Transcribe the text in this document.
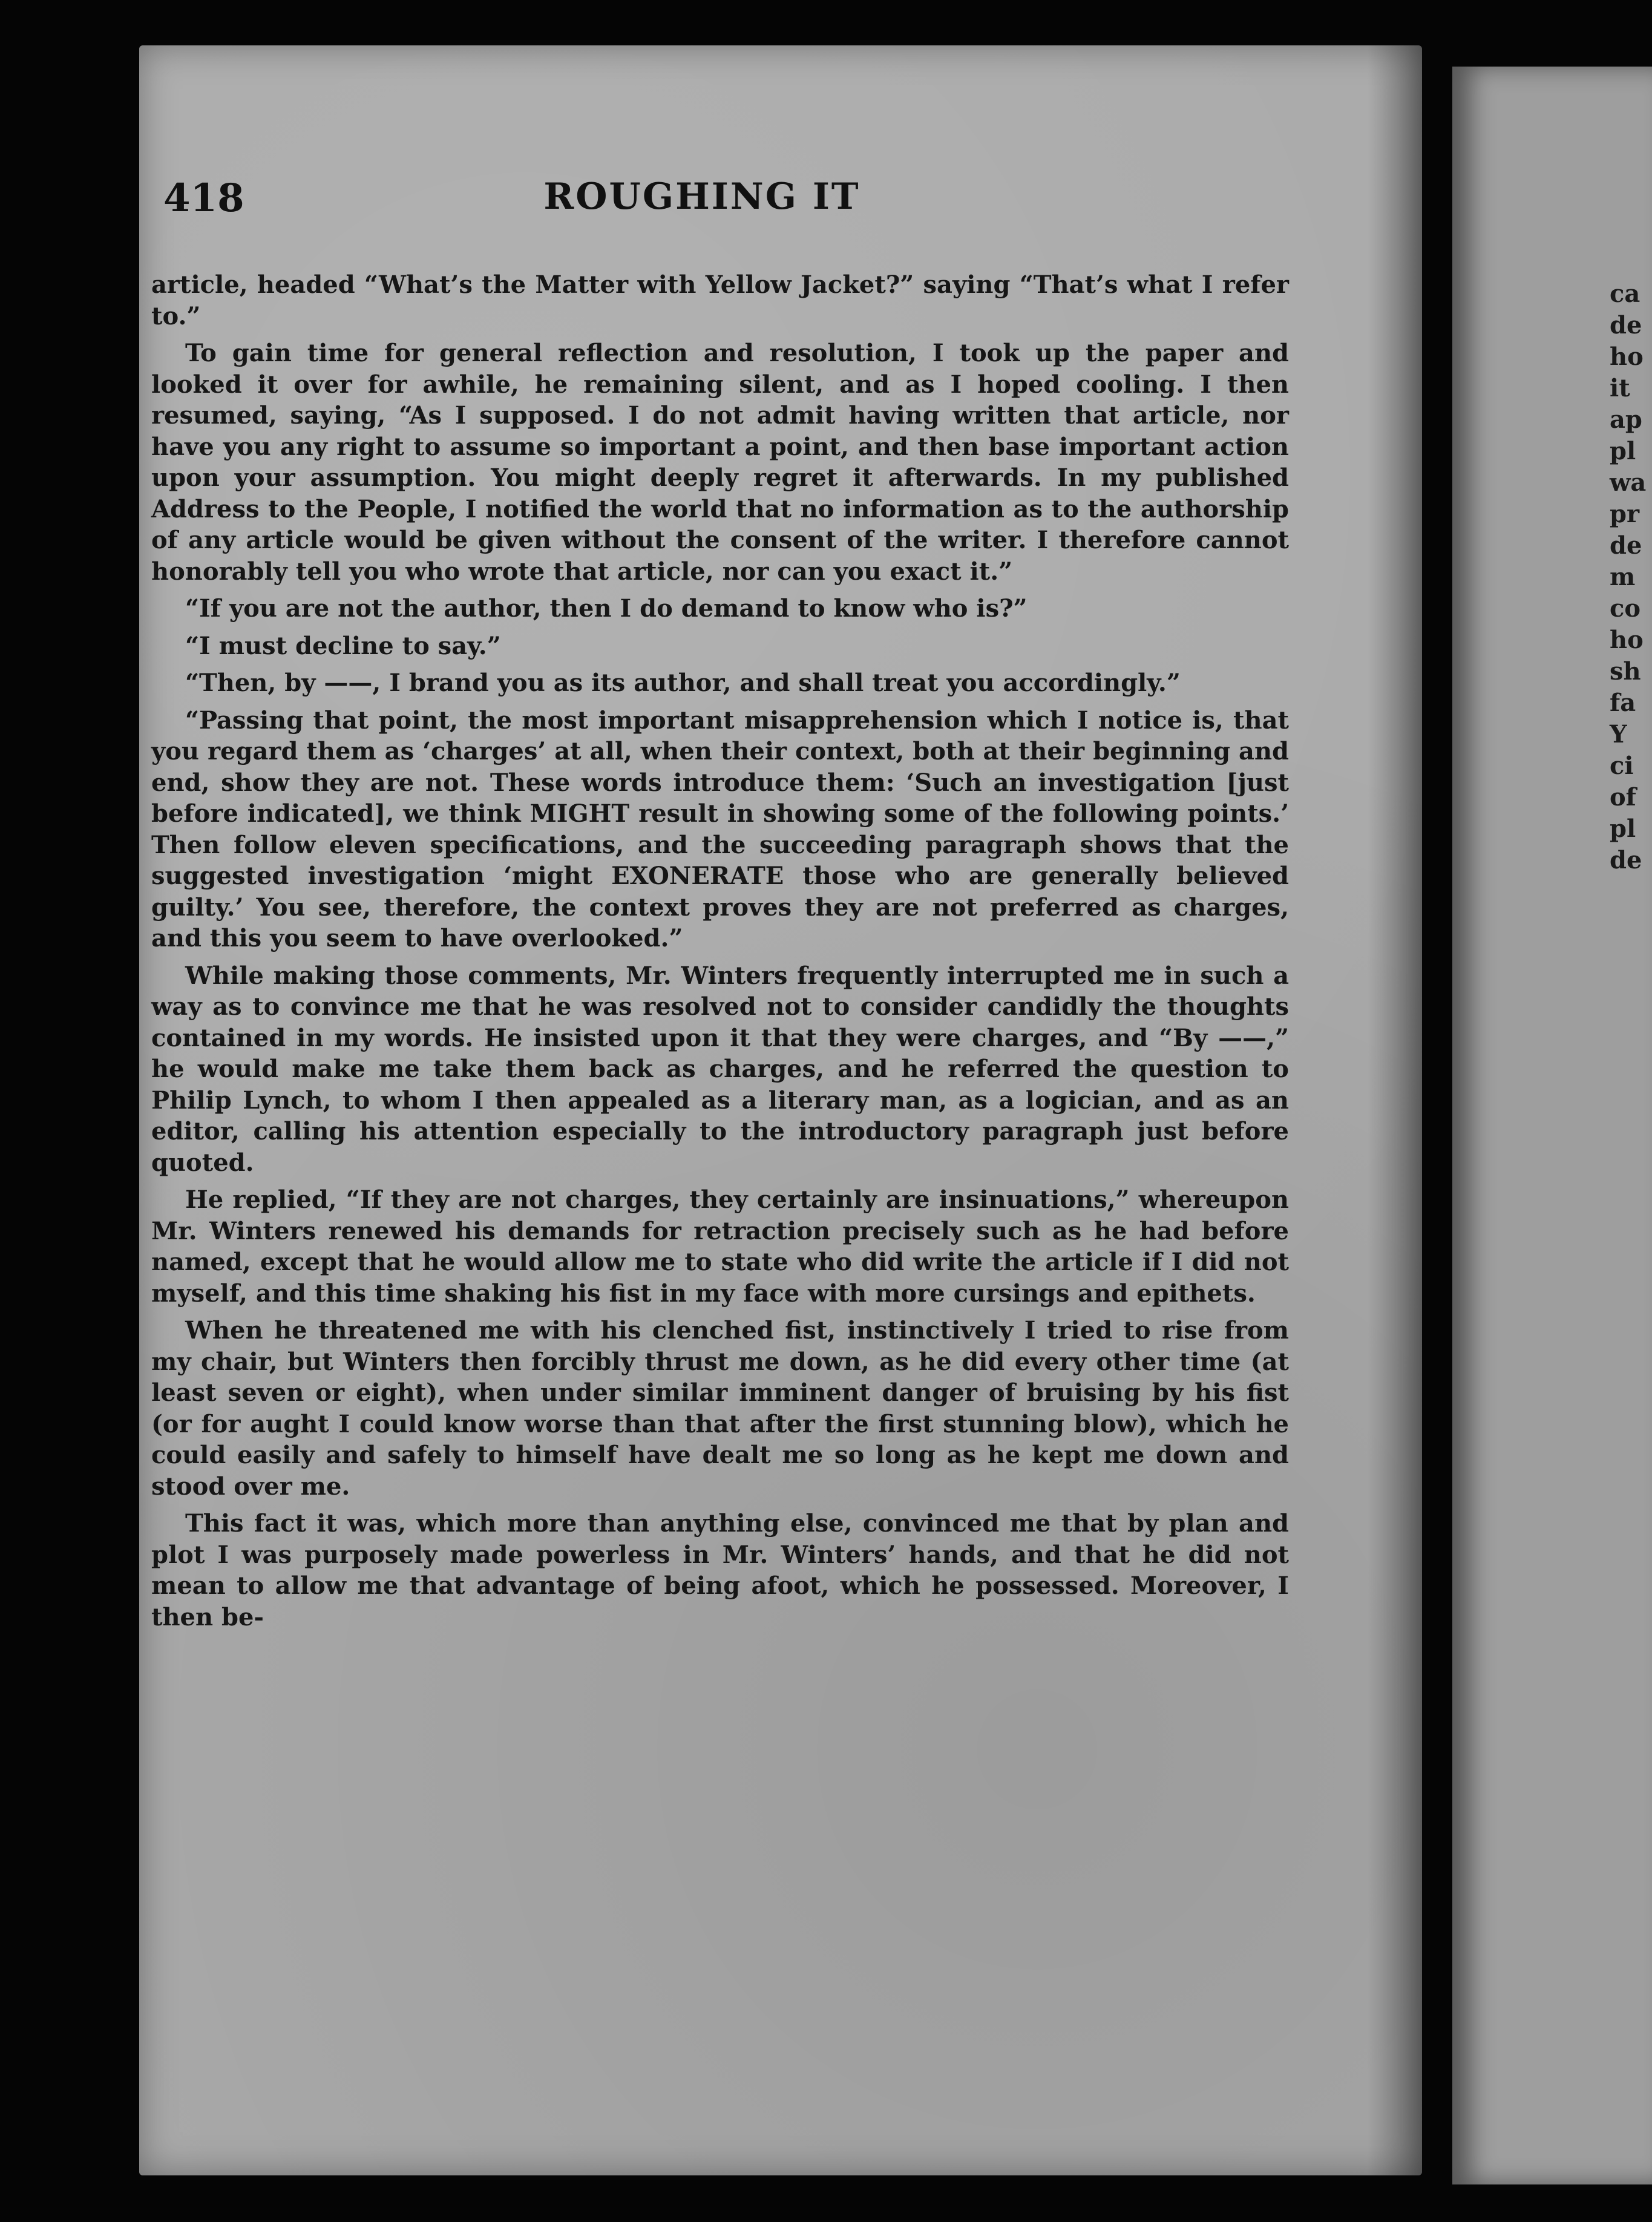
418	ROUGHING IT

article, headed “What’s the Matter with Yellow Jacket?” saying “That’s what I refer to.”

To gain time for general reflection and resolution, I took up the paper and looked it over for awhile, he remaining silent, and as I hoped cooling. I then resumed, saying, “As I supposed. I do not admit having written that article, nor have you any right to assume so important a point, and then base important action upon your assumption. You might deeply regret it afterwards. In my published Address to the People, I notified the world that no information as to the authorship of any article would be given without the consent of the writer. I therefore cannot honorably tell you who wrote that article, nor can you exact it.”

“If you are not the author, then I do demand to know who is?”

“I must decline to say.”

“Then, by ——, I brand you as its author, and shall treat you accordingly.”

“Passing that point, the most important misapprehension which I notice is, that you regard them as ‘charges’ at all, when their context, both at their beginning and end, show they are not. These words introduce them: ‘Such an investigation [just before indicated], we think MIGHT result in showing some of the following points.’ Then follow eleven specifications, and the succeeding paragraph shows that the suggested investigation ‘might EXONERATE those who are generally believed guilty.’ You see, therefore, the context proves they are not preferred as charges, and this you seem to have overlooked.”

While making those comments, Mr. Winters frequently interrupted me in such a way as to convince me that he was resolved not to consider candidly the thoughts contained in my words. He insisted upon it that they were charges, and “By ——,” he would make me take them back as charges, and he referred the question to Philip Lynch, to whom I then appealed as a literary man, as a logician, and as an editor, calling his attention especially to the introductory paragraph just before quoted.

He replied, “If they are not charges, they certainly are insinuations,” whereupon Mr. Winters renewed his demands for retraction precisely such as he had before named, except that he would allow me to state who did write the article if I did not myself, and this time shaking his fist in my face with more cursings and epithets.

When he threatened me with his clenched fist, instinctively I tried to rise from my chair, but Winters then forcibly thrust me down, as he did every other time (at least seven or eight), when under similar imminent danger of bruising by his fist (or for aught I could know worse than that after the first stunning blow), which he could easily and safely to himself have dealt me so long as he kept me down and stood over me.

This fact it was, which more than anything else, convinced me that by plan and plot I was purposely made powerless in Mr. Winters’ hands, and that he did not mean to allow me that advantage of being afoot, which he possessed. Moreover, I then be-

ca
de
ho
it
ap
pl
wa
pr
de
m
co
ho
sh
fa
Y
ci
of
pl
de
